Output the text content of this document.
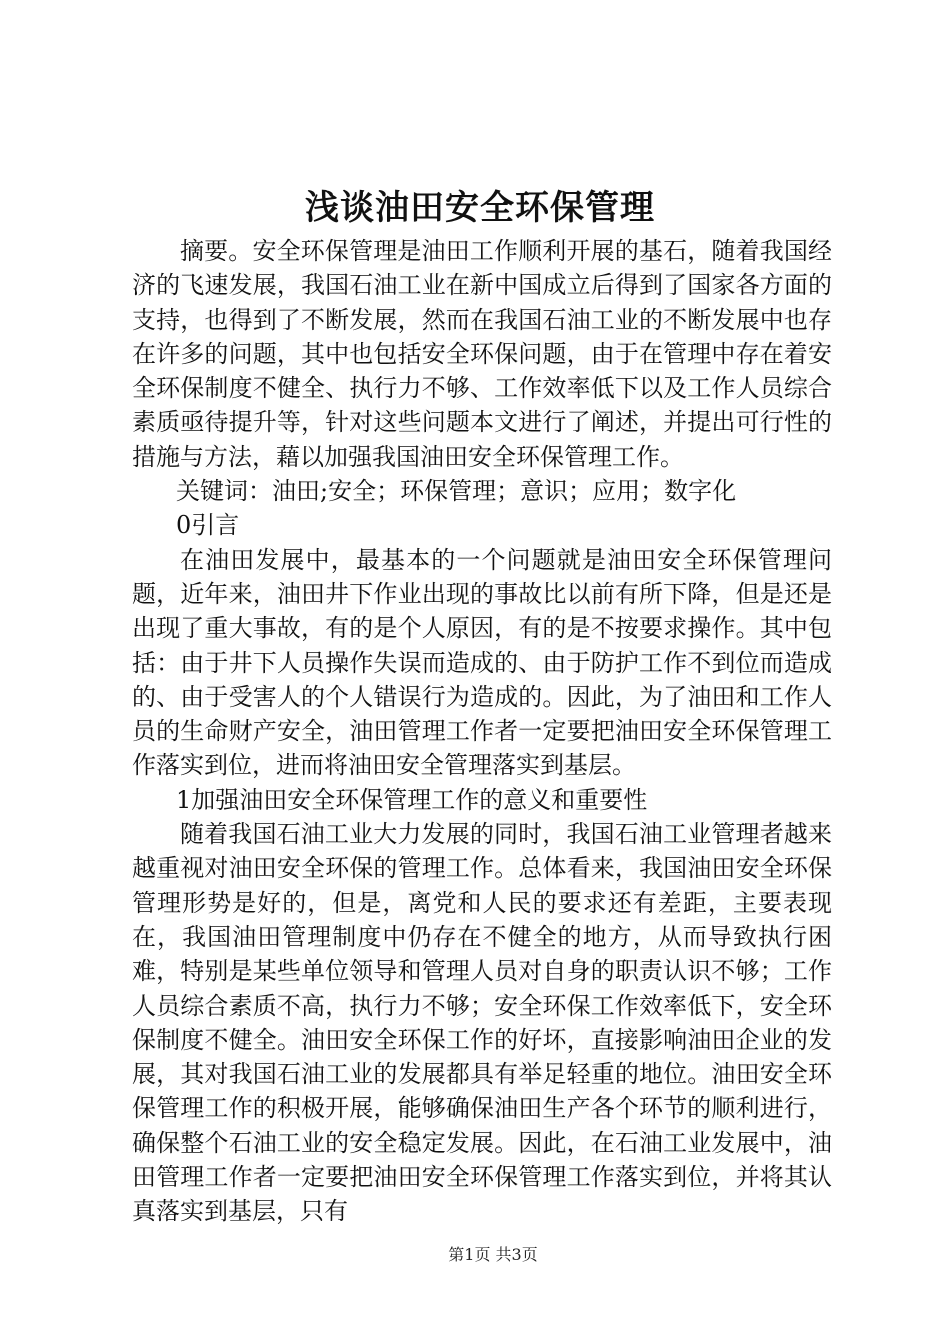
浅谈油田安全环保管理

摘要。安全环保管理是油田工作顺利开展的基石，随着我国经济的飞速发展，我国石油工业在新中国成立后得到了国家各方面的支持，也得到了不断发展，然而在我国石油工业的不断发展中也存在许多的问题，其中也包括安全环保问题，由于在管理中存在着安全环保制度不健全、执行力不够、工作效率低下以及工作人员综合素质亟待提升等，针对这些问题本文进行了阐述，并提出可行性的措施与方法，藉以加强我国油田安全环保管理工作。

关键词：油田;安全；环保管理；意识；应用；数字化

0引言

在油田发展中，最基本的一个问题就是油田安全环保管理问题，近年来，油田井下作业出现的事故比以前有所下降，但是还是出现了重大事故，有的是个人原因，有的是不按要求操作。其中包括：由于井下人员操作失误而造成的、由于防护工作不到位而造成的、由于受害人的个人错误行为造成的。因此，为了油田和工作人员的生命财产安全，油田管理工作者一定要把油田安全环保管理工作落实到位，进而将油田安全管理落实到基层。

1加强油田安全环保管理工作的意义和重要性

随着我国石油工业大力发展的同时，我国石油工业管理者越来越重视对油田安全环保的管理工作。总体看来，我国油田安全环保管理形势是好的，但是，离党和人民的要求还有差距，主要表现在，我国油田管理制度中仍存在不健全的地方，从而导致执行困难，特别是某些单位领导和管理人员对自身的职责认识不够；工作人员综合素质不高，执行力不够；安全环保工作效率低下，安全环保制度不健全。油田安全环保工作的好坏，直接影响油田企业的发展，其对我国石油工业的发展都具有举足轻重的地位。油田安全环保管理工作的积极开展，能够确保油田生产各个环节的顺利进行，确保整个石油工业的安全稳定发展。因此，在石油工业发展中，油田管理工作者一定要把油田安全环保管理工作落实到位，并将其认真落实到基层，只有

第1页 共3页
